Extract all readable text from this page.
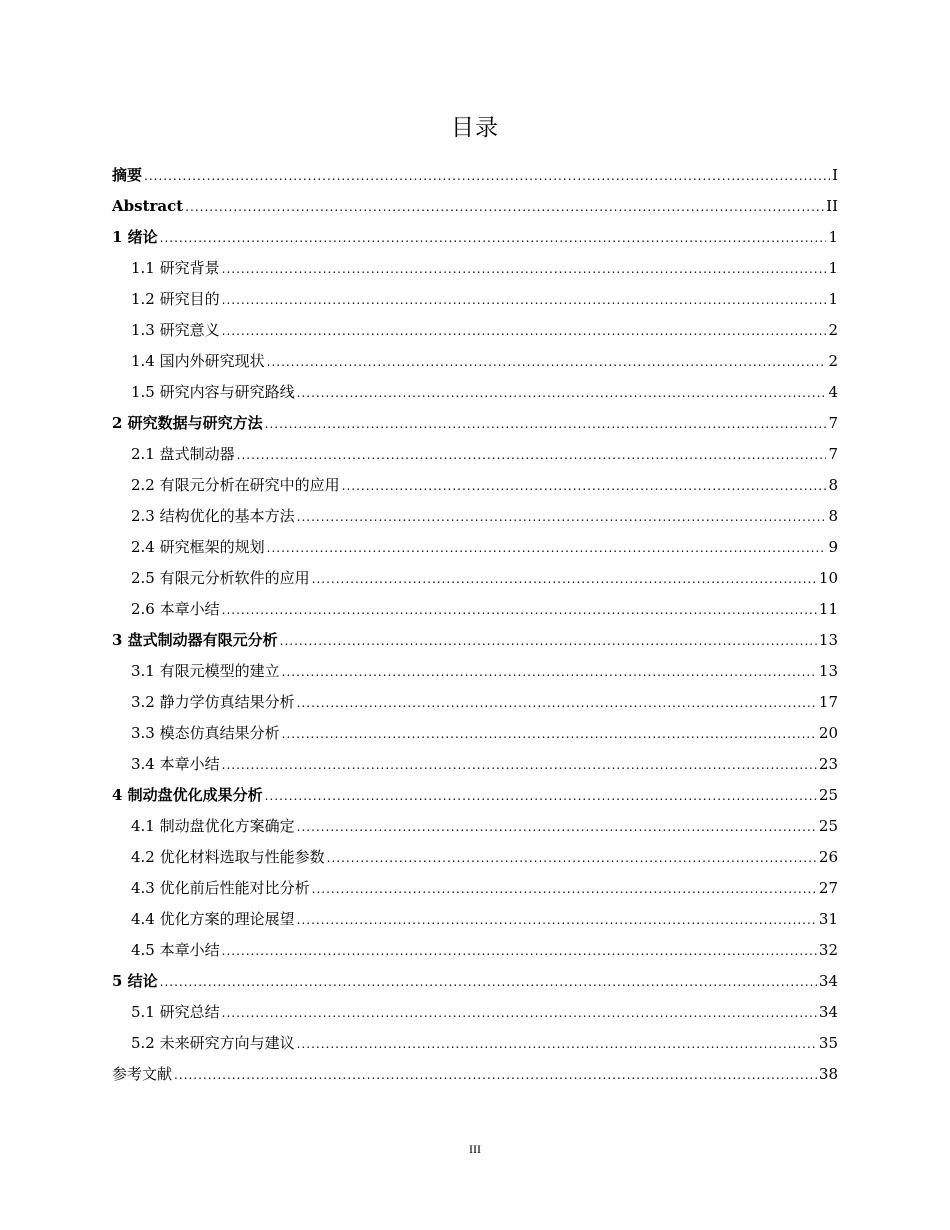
目录
摘要 .....	I
Abstract .....	II
1 绪论 .....	1
1.1 研究背景 .....	1
1.2 研究目的 .....	1
1.3 研究意义 .....	2
1.4 国内外研究现状 .....	2
1.5 研究内容与研究路线 .....	4
2 研究数据与研究方法 .....	7
2.1 盘式制动器 .....	7
2.2 有限元分析在研究中的应用 .....	8
2.3 结构优化的基本方法 .....	8
2.4 研究框架的规划 .....	9
2.5 有限元分析软件的应用 .....	10
2.6 本章小结 .....	11
3 盘式制动器有限元分析 .....	13
3.1 有限元模型的建立 .....	13
3.2 静力学仿真结果分析 .....	17
3.3 模态仿真结果分析 .....	20
3.4 本章小结 .....	23
4 制动盘优化成果分析 .....	25
4.1 制动盘优化方案确定 .....	25
4.2 优化材料选取与性能参数 .....	26
4.3 优化前后性能对比分析 .....	27
4.4 优化方案的理论展望 .....	31
4.5 本章小结 .....	32
5 结论 .....	34
5.1 研究总结 .....	34
5.2 未来研究方向与建议 .....	35
参考文献 .....	38
III
